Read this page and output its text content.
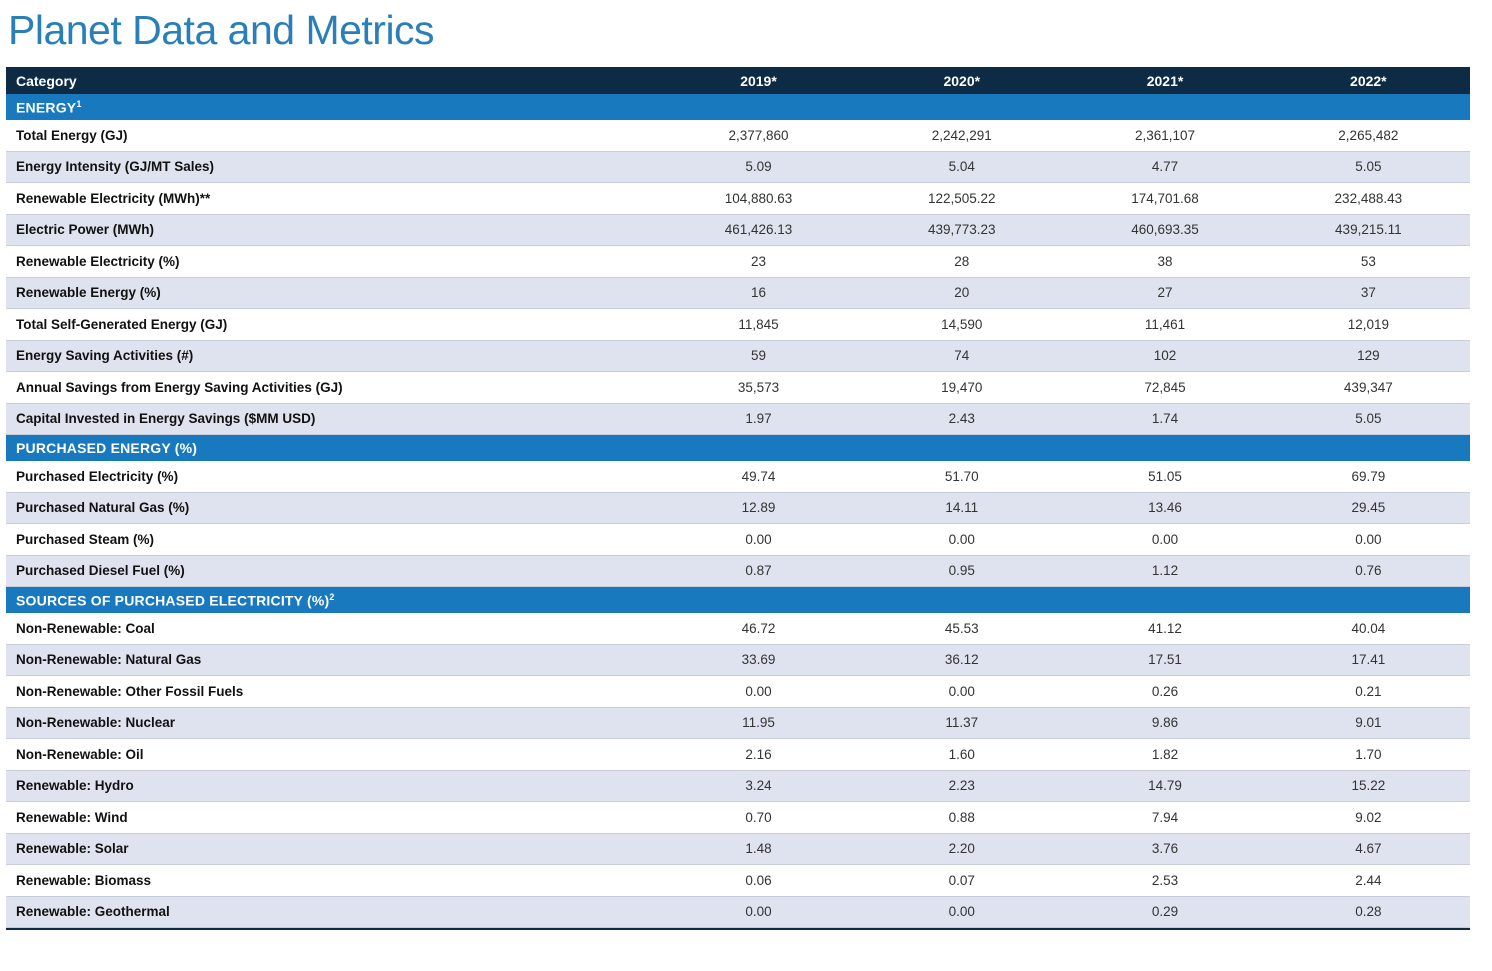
Planet Data and Metrics
Category	2019*	2020*	2021*	2022*
ENERGY$^1$
Total Energy (GJ)	2,377,860	2,242,291	2,361,107	2,265,482
Energy Intensity (GJ/MT Sales)	5.09	5.04	4.77	5.05
Renewable Electricity (MWh)**	104,880.63	122,505.22	174,701.68	232,488.43
Electric Power (MWh)	461,426.13	439,773.23	460,693.35	439,215.11
Renewable Electricity (%)	23	28	38	53
Renewable Energy (%)	16	20	27	37
Total Self-Generated Energy (GJ)	11,845	14,590	11,461	12,019
Energy Saving Activities (#)	59	74	102	129
Annual Savings from Energy Saving Activities (GJ)	35,573	19,470	72,845	439,347
Capital Invested in Energy Savings ($MM USD)	1.97	2.43	1.74	5.05
PURCHASED ENERGY (%)				
Purchased Electricity (%)	49.74	51.70	51.05	69.79
Purchased Natural Gas (%)	12.89	14.11	13.46	29.45
Purchased Steam (%)	0.00	0.00	0.00	0.00
Purchased Diesel Fuel (%)	0.87	0.95	1.12	0.76
SOURCES OF PURCHASED ELECTRICITY (%)$^2$
Non-Renewable: Coal	46.72	45.53	41.12	40.04
Non-Renewable: Natural Gas	33.69	36.12	17.51	17.41
Non-Renewable: Other Fossil Fuels	0.00	0.00	0.26	0.21
Non-Renewable: Nuclear	11.95	11.37	9.86	9.01
Non-Renewable: Oil	2.16	1.60	1.82	1.70
Renewable: Hydro	3.24	2.23	14.79	15.22
Renewable: Wind	0.70	0.88	7.94	9.02
Renewable: Solar	1.48	2.20	3.76	4.67
Renewable: Biomass	0.06	0.07	2.53	2.44
Renewable: Geothermal	0.00	0.00	0.29	0.28
